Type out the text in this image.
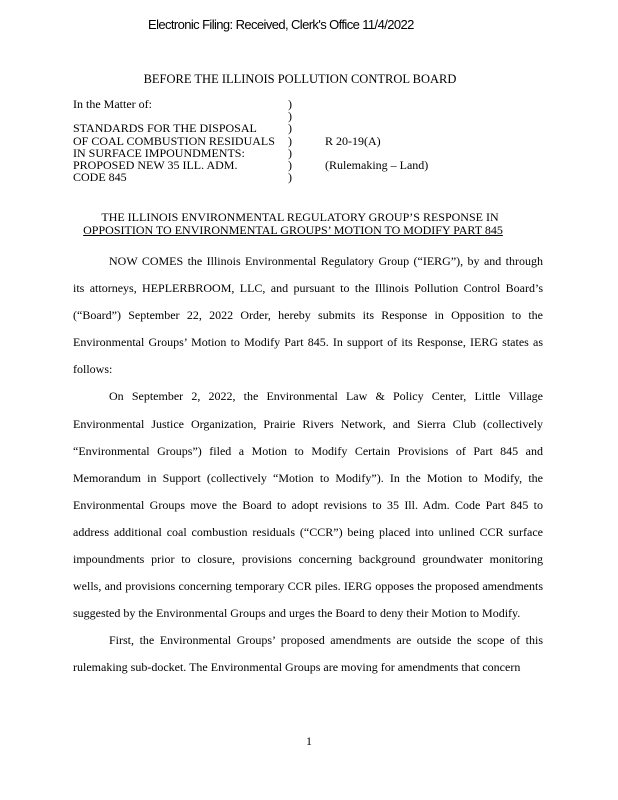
Electronic Filing: Received, Clerk's Office 11/4/2022
BEFORE THE ILLINOIS POLLUTION CONTROL BOARD
In the Matter of:	)
)
STANDARDS FOR THE DISPOSAL	)
OF COAL COMBUSTION RESIDUALS )	R 20-19(A)
IN SURFACE IMPOUNDMENTS:	)
PROPOSED NEW 35 ILL. ADM.	)	(Rulemaking – Land)
CODE 845	)
THE ILLINOIS ENVIRONMENTAL REGULATORY GROUP’S RESPONSE IN
OPPOSITION TO ENVIRONMENTAL GROUPS’ MOTION TO MODIFY PART 845

NOW COMES the Illinois Environmental Regulatory Group (“IERG”), by and through its attorneys, HEPLERBROOM, LLC, and pursuant to the Illinois Pollution Control Board’s (“Board”) September 22, 2022 Order, hereby submits its Response in Opposition to the Environmental Groups’ Motion to Modify Part 845. In support of its Response, IERG states as follows:

On September 2, 2022, the Environmental Law & Policy Center, Little Village Environmental Justice Organization, Prairie Rivers Network, and Sierra Club (collectively “Environmental Groups”) filed a Motion to Modify Certain Provisions of Part 845 and Memorandum in Support (collectively “Motion to Modify”). In the Motion to Modify, the Environmental Groups move the Board to adopt revisions to 35 Ill. Adm. Code Part 845 to address additional coal combustion residuals (“CCR”) being placed into unlined CCR surface impoundments prior to closure, provisions concerning background groundwater monitoring wells, and provisions concerning temporary CCR piles. IERG opposes the proposed amendments suggested by the Environmental Groups and urges the Board to deny their Motion to Modify.

First, the Environmental Groups’ proposed amendments are outside the scope of this rulemaking sub-docket. The Environmental Groups are moving for amendments that concern

1
